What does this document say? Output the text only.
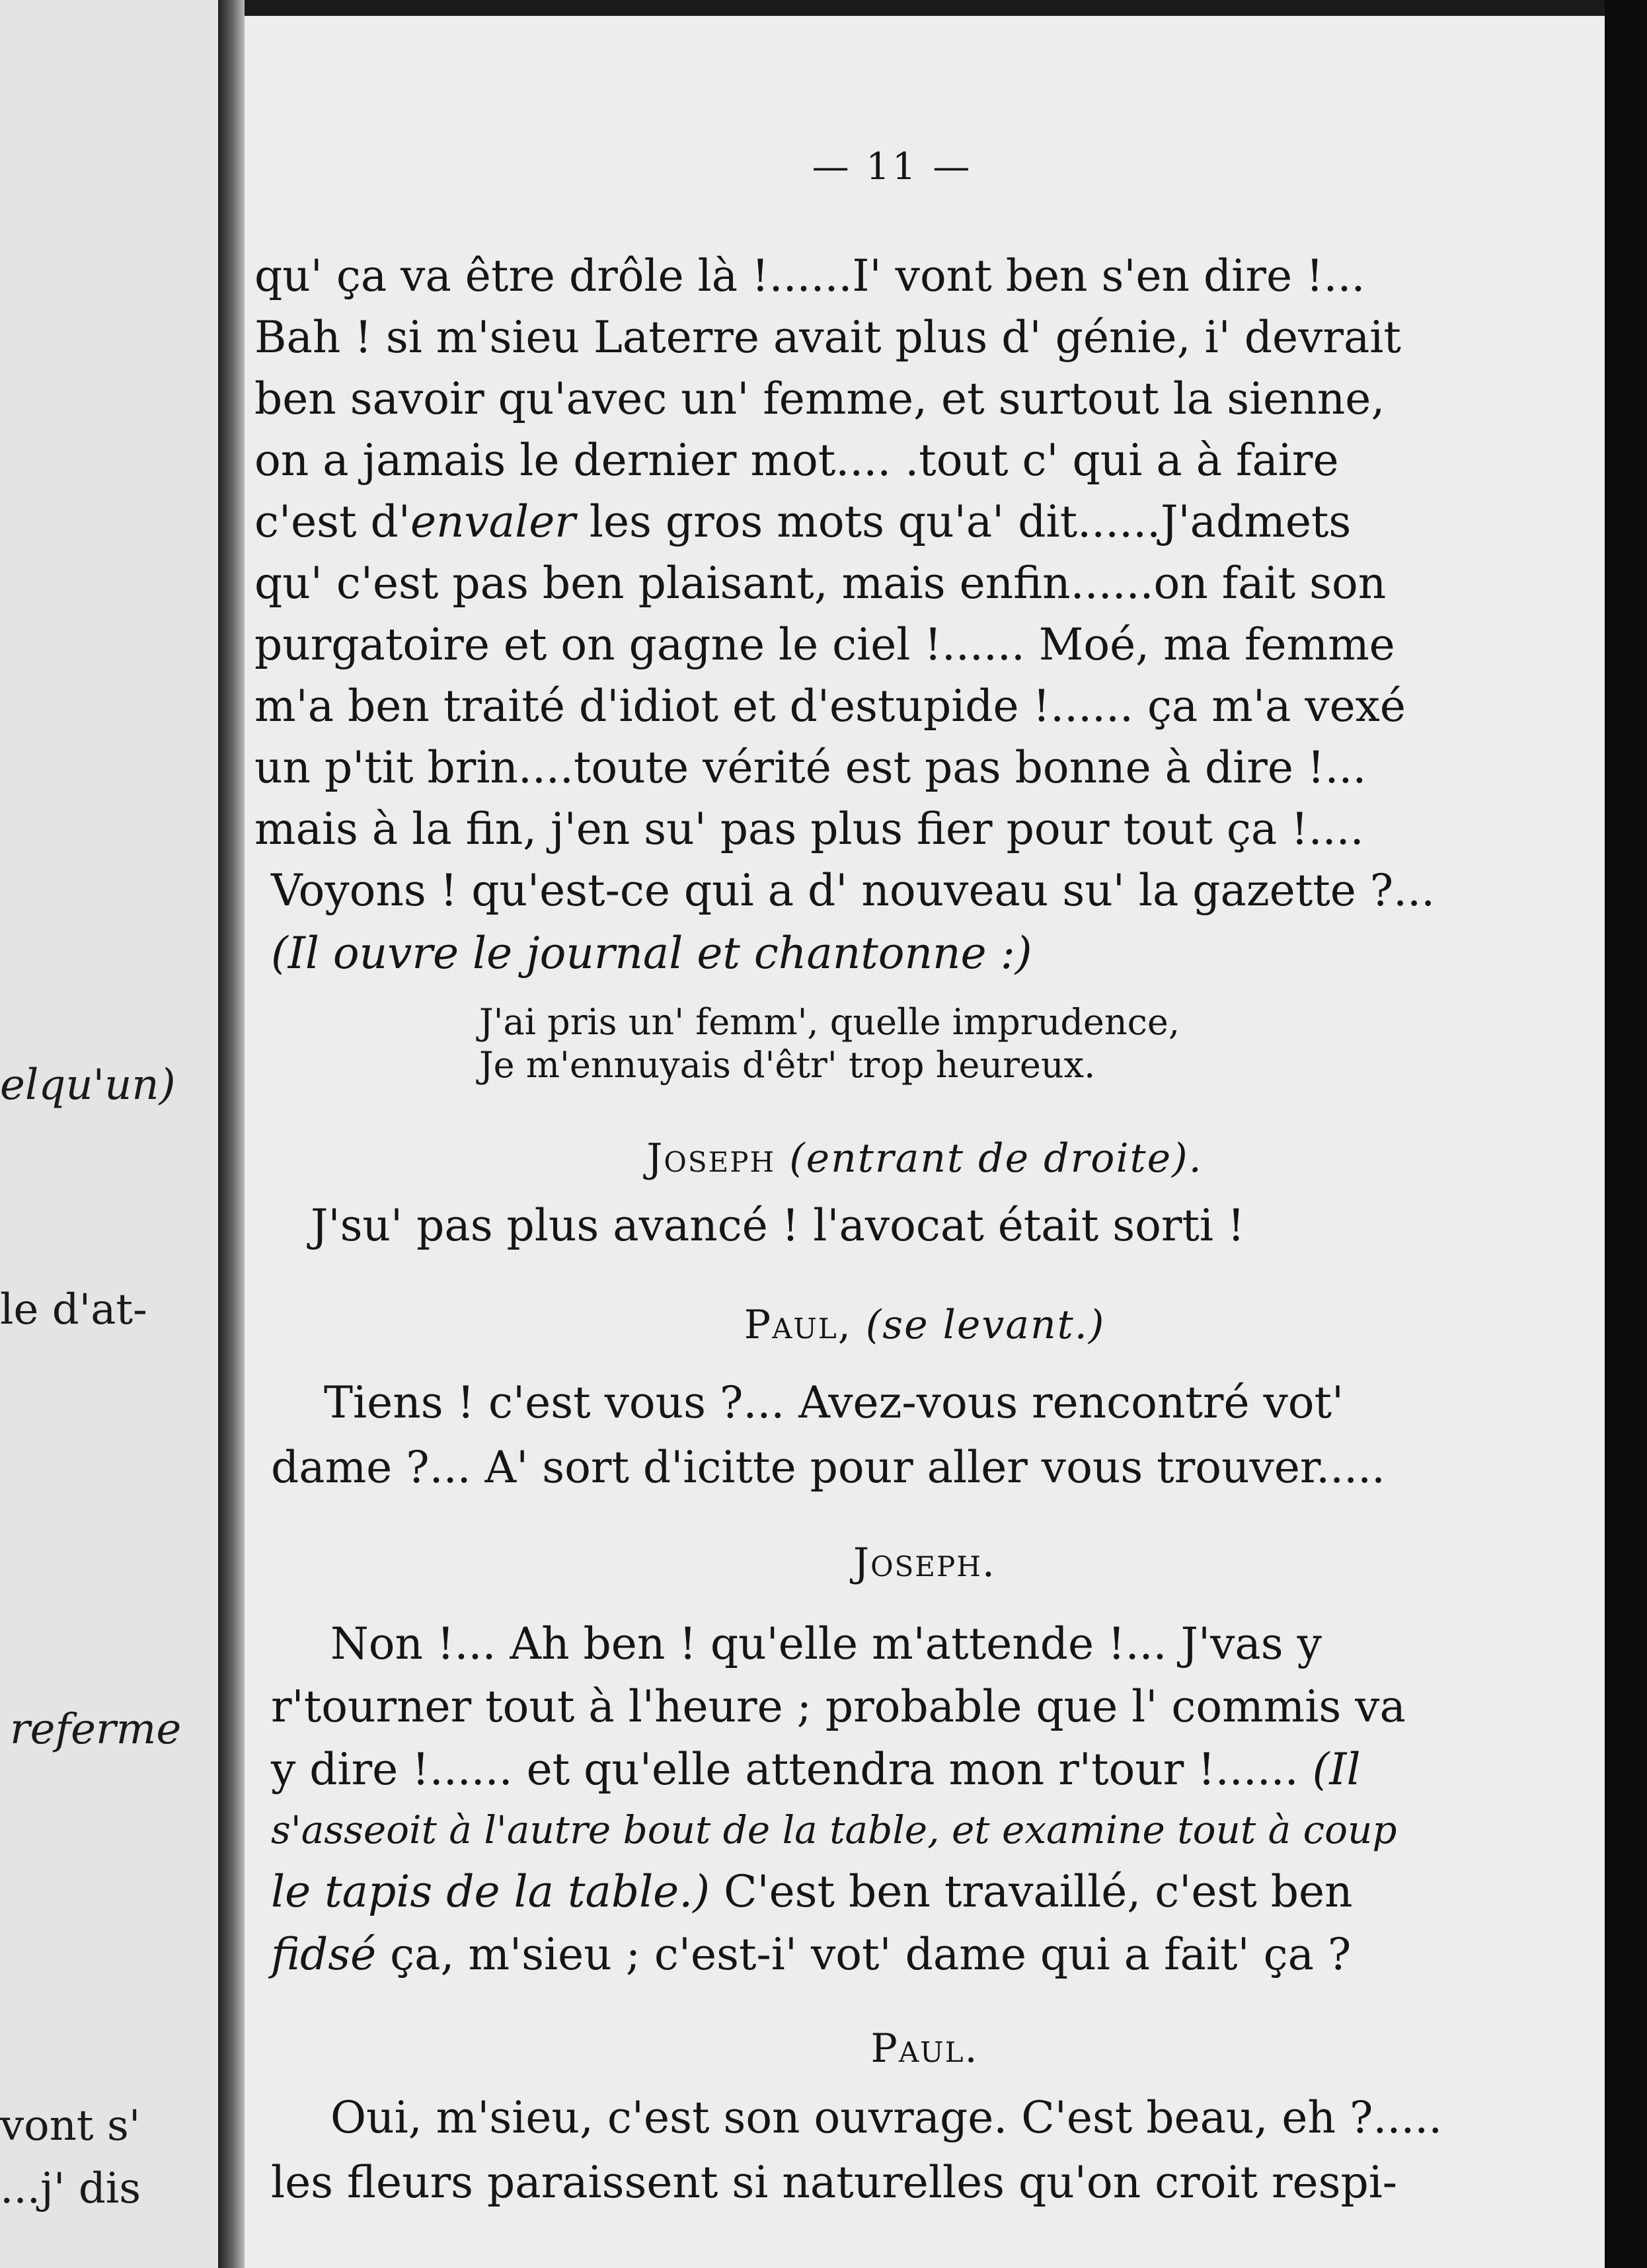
elqu'un)
le d'at-
referme
vont s'
...j' dis
— 11 —
qu' ça va être drôle là !......I' vont ben s'en dire !...
Bah ! si m'sieu Laterre avait plus d' génie, i' devrait
ben savoir qu'avec un' femme, et surtout la sienne,
on a jamais le dernier mot.... .tout c' qui a à faire
c'est d'envaler les gros mots qu'a' dit......J'admets
qu' c'est pas ben plaisant, mais enfin......on fait son
purgatoire et on gagne le ciel !...... Moé, ma femme
m'a ben traité d'idiot et d'estupide !...... ça m'a vexé
un p'tit brin....toute vérité est pas bonne à dire !...
mais à la fin, j'en su' pas plus fier pour tout ça !....
Voyons ! qu'est-ce qui a d' nouveau su' la gazette ?...
(Il ouvre le journal et chantonne :)
J'ai pris un' femm', quelle imprudence,
Je m'ennuyais d'êtr' trop heureux.
Joseph (entrant de droite).
J'su' pas plus avancé ! l'avocat était sorti !
Paul, (se levant.)
Tiens ! c'est vous ?... Avez-vous rencontré vot'
dame ?... A' sort d'icitte pour aller vous trouver.....
Joseph.
Non !... Ah ben ! qu'elle m'attende !... J'vas y
r'tourner tout à l'heure ; probable que l' commis va
y dire !...... et qu'elle attendra mon r'tour !...... (Il
s'asseoit à l'autre bout de la table, et examine tout à coup
le tapis de la table.) C'est ben travaillé, c'est ben
fidsé ça, m'sieu ; c'est-i' vot' dame qui a fait' ça ?
Paul.
Oui, m'sieu, c'est son ouvrage. C'est beau, eh ?.....
les fleurs paraissent si naturelles qu'on croit respi-
